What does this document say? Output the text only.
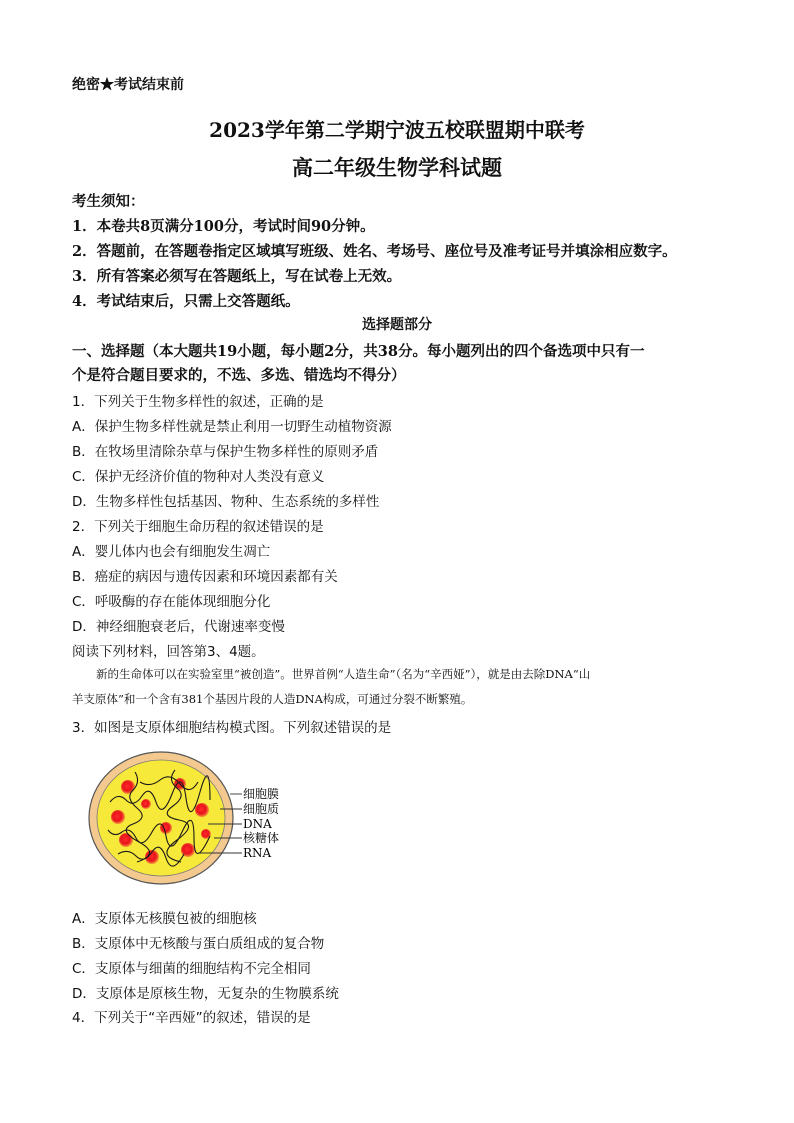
绝密★考试结束前
2023学年第二学期宁波五校联盟期中联考
高二年级生物学科试题
考生须知：
1．本卷共8页满分100分，考试时间90分钟。
2．答题前，在答题卷指定区域填写班级、姓名、考场号、座位号及准考证号并填涂相应数字。
3．所有答案必须写在答题纸上，写在试卷上无效。
4．考试结束后，只需上交答题纸。
选择题部分
一、选择题（本大题共19小题，每小题2分，共38分。每小题列出的四个备选项中只有一
个是符合题目要求的，不选、多选、错选均不得分）
1．下列关于生物多样性的叙述，正确的是
A．保护生物多样性就是禁止利用一切野生动植物资源
B．在牧场里清除杂草与保护生物多样性的原则矛盾
C．保护无经济价值的物种对人类没有意义
D．生物多样性包括基因、物种、生态系统的多样性
2．下列关于细胞生命历程的叙述错误的是
A．婴儿体内也会有细胞发生凋亡
B．癌症的病因与遗传因素和环境因素都有关
C．呼吸酶的存在能体现细胞分化
D．神经细胞衰老后，代谢速率变慢
阅读下列材料，回答第3、4题。
新的生命体可以在实验室里“被创造”。世界首例“人造生命”（名为“辛西娅”），就是由去除DNA“山
羊支原体”和一个含有381个基因片段的人造DNA构成，可通过分裂不断繁殖。
3．如图是支原体细胞结构模式图。下列叙述错误的是
细胞膜
细胞质
DNA
核糖体
RNA
A．支原体无核膜包被的细胞核
B．支原体中无核酸与蛋白质组成的复合物
C．支原体与细菌的细胞结构不完全相同
D．支原体是原核生物，无复杂的生物膜系统
4．下列关于“辛西娅”的叙述，错误的是
